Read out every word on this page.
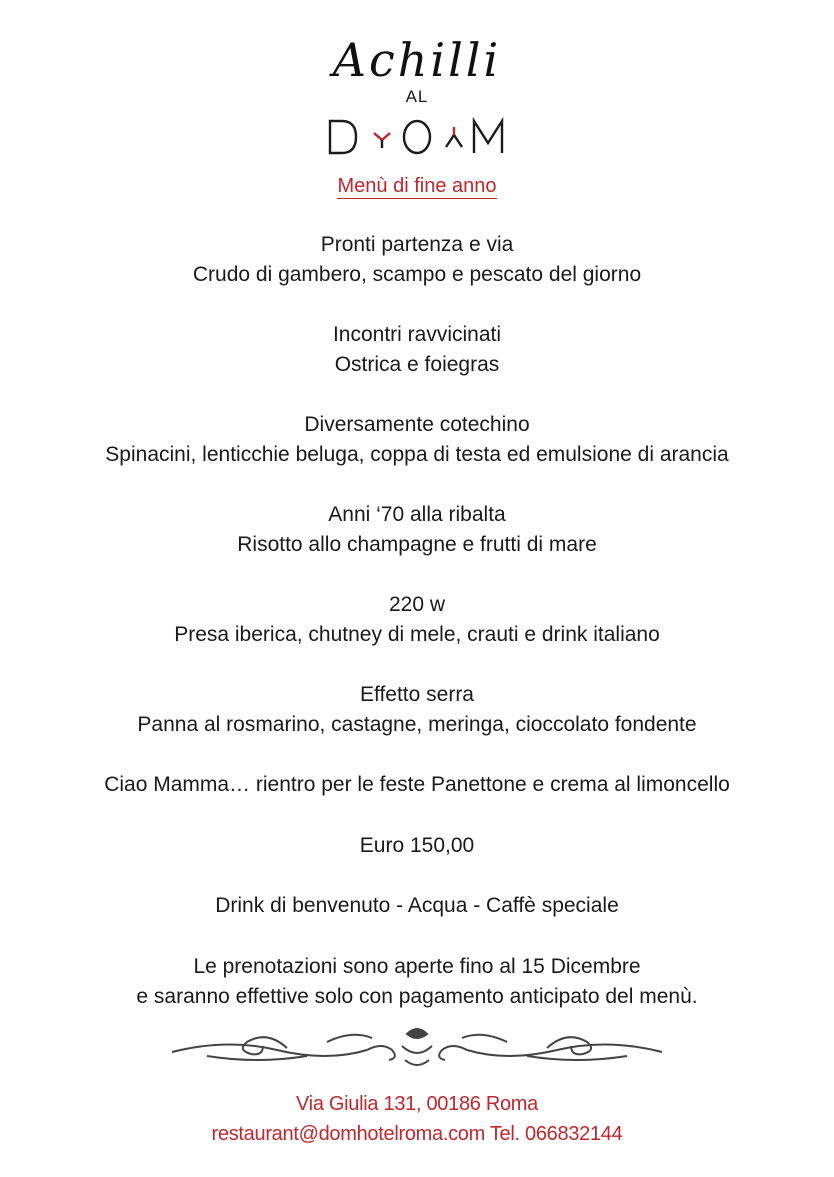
Achilli
AL
Menù di fine anno
Pronti partenza e via
Crudo di gambero, scampo e pescato del giorno
Incontri ravvicinati
Ostrica e foiegras
Diversamente cotechino
Spinacini, lenticchie beluga, coppa di testa ed emulsione di arancia
Anni ‘70 alla ribalta
Risotto allo champagne e frutti di mare
220 w
Presa iberica, chutney di mele, crauti e drink italiano
Effetto serra
Panna al rosmarino, castagne, meringa, cioccolato fondente
Ciao Mamma… rientro per le feste Panettone e crema al limoncello
Euro 150,00
Drink di benvenuto - Acqua - Caffè speciale
Le prenotazioni sono aperte fino al 15 Dicembre
e saranno effettive solo con pagamento anticipato del menù.
Via Giulia 131, 00186 Roma
restaurant@domhotelroma.com Tel. 066832144
